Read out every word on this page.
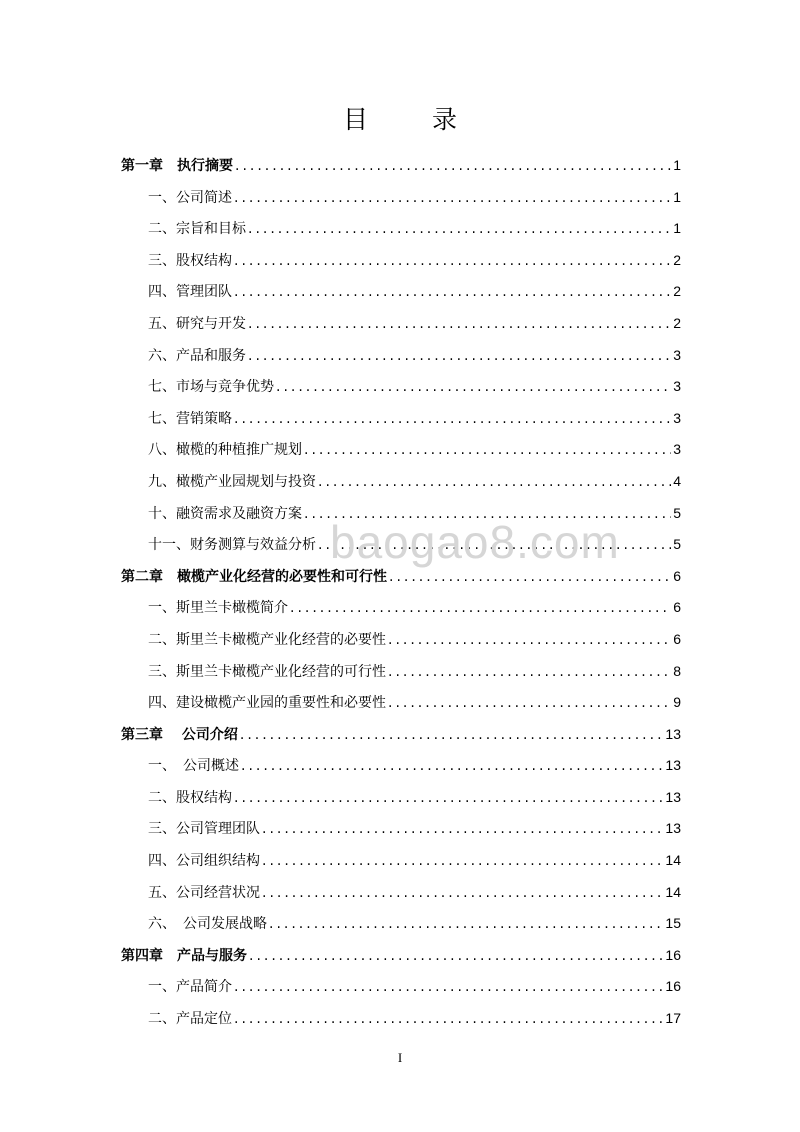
目 录
第一章　执行摘要 .....	1
一、公司简述 .....	1
二、宗旨和目标 .....	1
三、股权结构 .....	2
四、管理团队 .....	2
五、研究与开发 .....	2
六、产品和服务 .....	3
七、市场与竞争优势 .....	3
七、营销策略 .....	3
八、橄榄的种植推广规划 .....	3
九、橄榄产业园规划与投资 .....	4
十、融资需求及融资方案 .....	5
十一、财务测算与效益分析 .....	5
第二章　橄榄产业化经营的必要性和可行性 .....	6
一、斯里兰卡橄榄简介 .....	6
二、斯里兰卡橄榄产业化经营的必要性 .....	6
三、斯里兰卡橄榄产业化经营的可行性 .....	8
四、建设橄榄产业园的重要性和必要性 .....	9
第三章　 公司介绍 .....	13
一、　公司概述 .....	13
二、股权结构 .....	13
三、公司管理团队 .....	13
四、公司组织结构 .....	14
五、公司经营状况 .....	14
六、　公司发展战略 .....	15
第四章　产品与服务 .....	16
一、产品简介 .....	16
二、产品定位 .....	17
baogao8.com
I
